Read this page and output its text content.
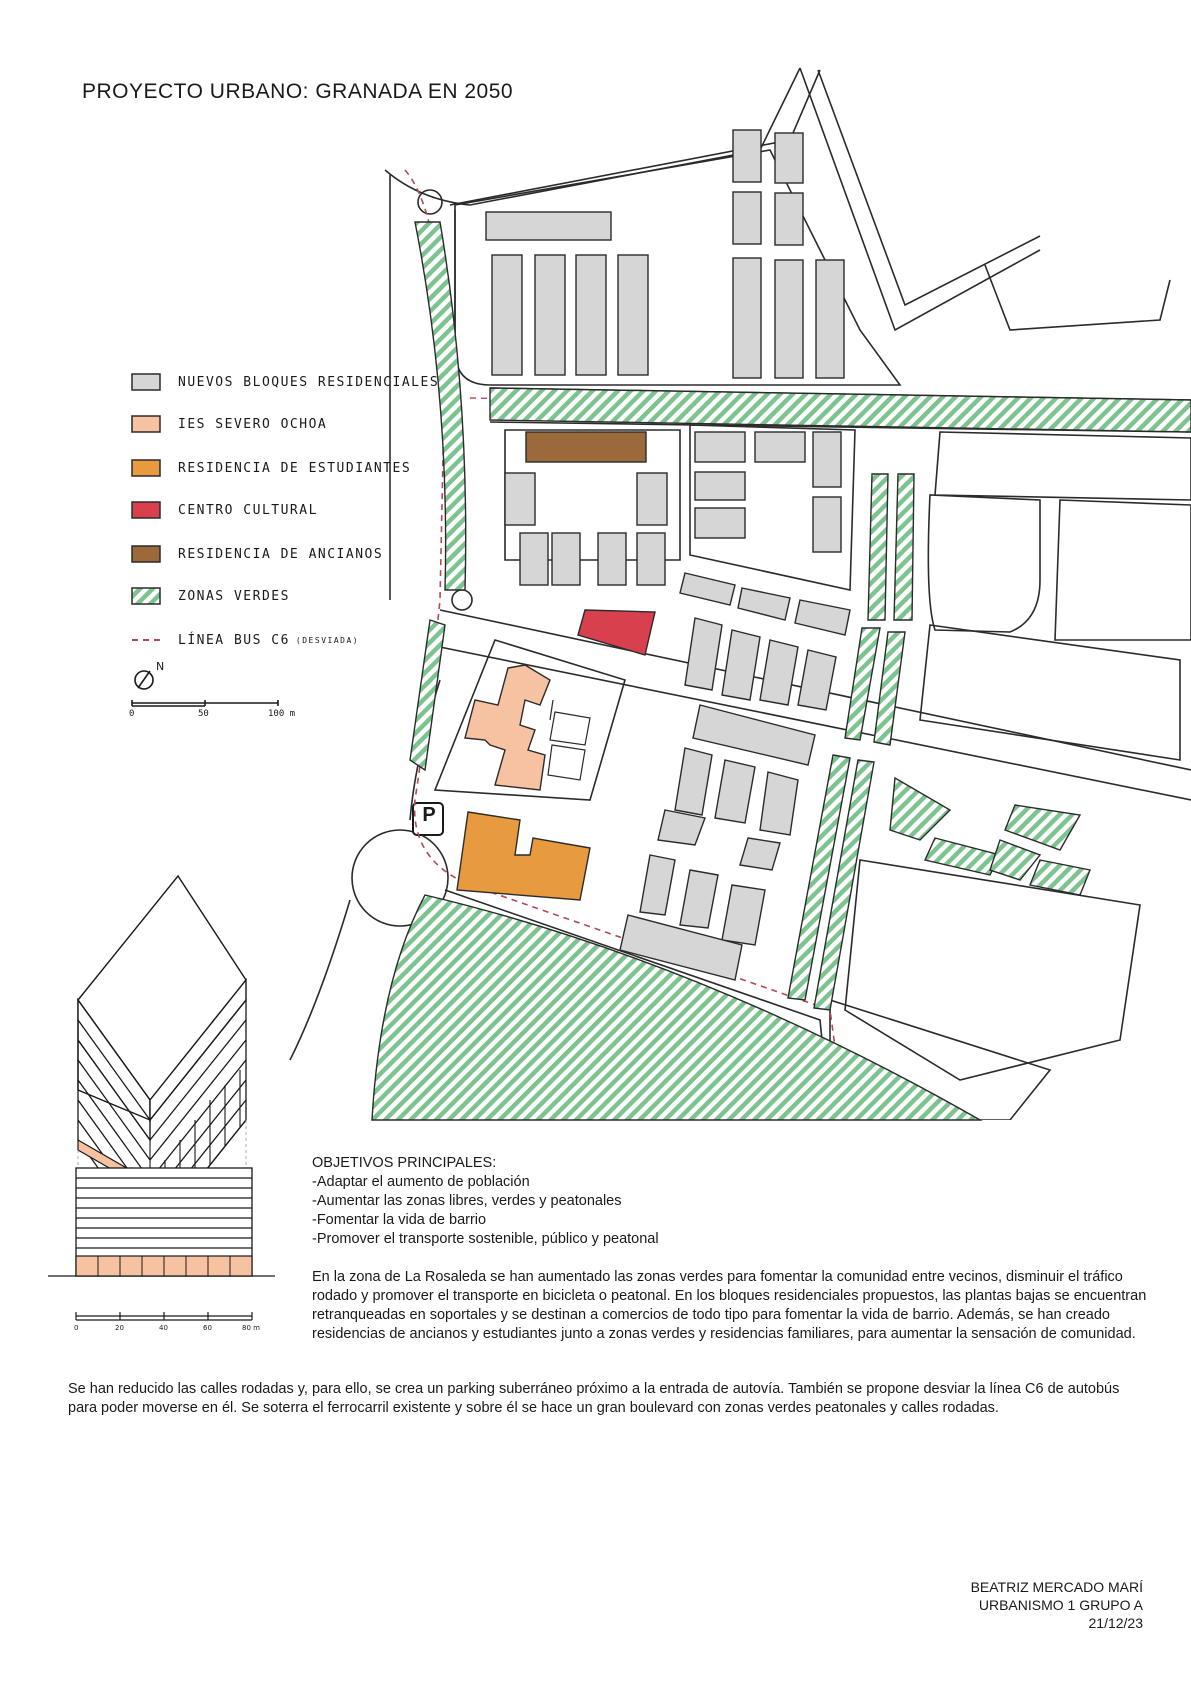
PROYECTO URBANO: GRANADA EN 2050
NUEVOS BLOQUES RESIDENCIALES
IES SEVERO OCHOA
RESIDENCIA DE ESTUDIANTES
CENTRO CULTURAL
RESIDENCIA DE ANCIANOS
ZONAS VERDES
LÍNEA BUS C6 (DESVIADA)
N
0	50	100 m
P
0	20	40	60	80 m
OBJETIVOS PRINCIPALES:
-Adaptar el aumento de población
-Aumentar las zonas libres, verdes y peatonales
-Fomentar la vida de barrio
-Promover el transporte sostenible, público y peatonal
En la zona de La Rosaleda se han aumentado las zonas verdes para fomentar la comunidad entre vecinos, disminuir el tráfico rodado y promover el transporte en bicicleta o peatonal. En los bloques residenciales propuestos, las plantas bajas se encuentran retranqueadas en soportales y se destinan a comercios de todo tipo para fomentar la vida de barrio. Además, se han creado residencias de ancianos y estudiantes junto a zonas verdes y residencias familiares, para aumentar la sensación de comunidad.
Se han reducido las calles rodadas y, para ello, se crea un parking suberráneo próximo a la entrada de autovía. También se propone desviar la línea C6 de autobús para poder moverse en él. Se soterra el ferrocarril existente y sobre él se hace un gran boulevard con zonas verdes peatonales y calles rodadas.
BEATRIZ MERCADO MARÍ
URBANISMO 1 GRUPO A
21/12/23
